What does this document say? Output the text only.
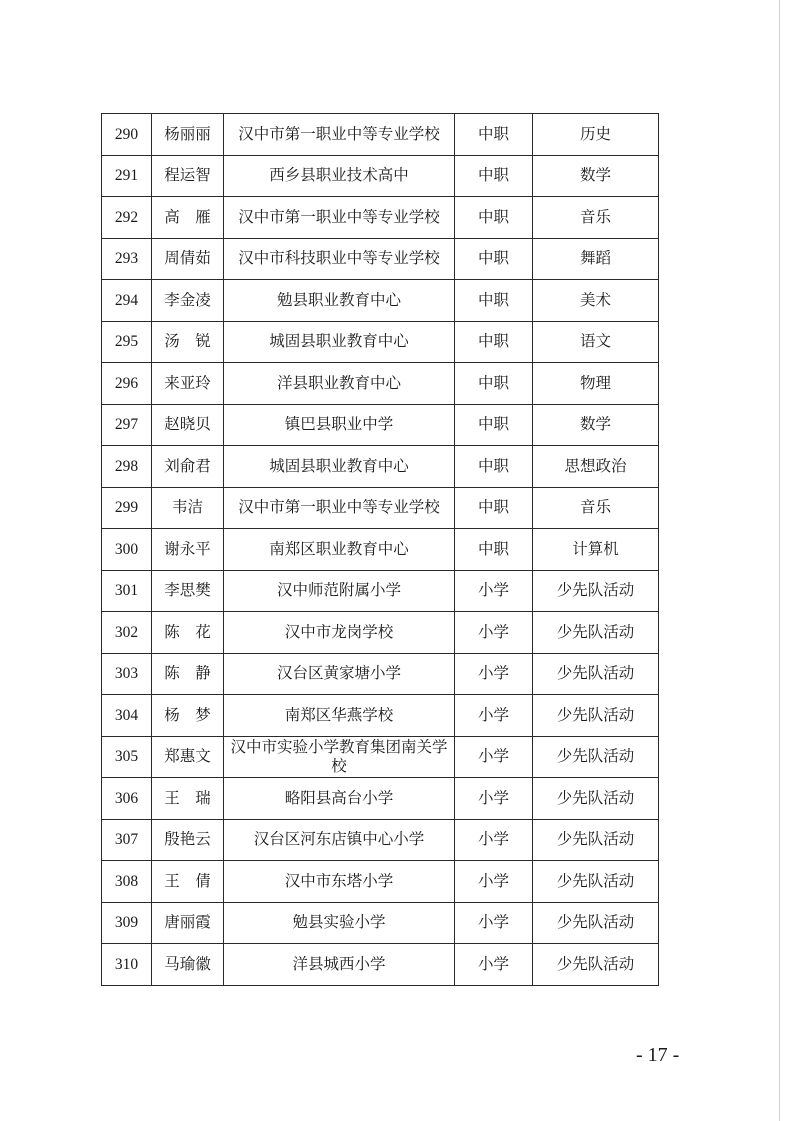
290	杨丽丽	汉中市第一职业中等专业学校	中职	历史
291	程运智	西乡县职业技术高中	中职	数学
292	高　雁	汉中市第一职业中等专业学校	中职	音乐
293	周倩茹	汉中市科技职业中等专业学校	中职	舞蹈
294	李金凌	勉县职业教育中心	中职	美术
295	汤　锐	城固县职业教育中心	中职	语文
296	来亚玲	洋县职业教育中心	中职	物理
297	赵晓贝	镇巴县职业中学	中职	数学
298	刘俞君	城固县职业教育中心	中职	思想政治
299	韦洁	汉中市第一职业中等专业学校	中职	音乐
300	谢永平	南郑区职业教育中心	中职	计算机
301	李思樊	汉中师范附属小学	小学	少先队活动
302	陈　花	汉中市龙岗学校	小学	少先队活动
303	陈　静	汉台区黄家塘小学	小学	少先队活动
304	杨　梦	南郑区华燕学校	小学	少先队活动
305	郑惠文	汉中市实验小学教育集团南关学校	小学	少先队活动
306	王　瑞	略阳县高台小学	小学	少先队活动
307	殷艳云	汉台区河东店镇中心小学	小学	少先队活动
308	王　倩	汉中市东塔小学	小学	少先队活动
309	唐丽霞	勉县实验小学	小学	少先队活动
310	马瑜徽	洋县城西小学	小学	少先队活动
- 17 -
